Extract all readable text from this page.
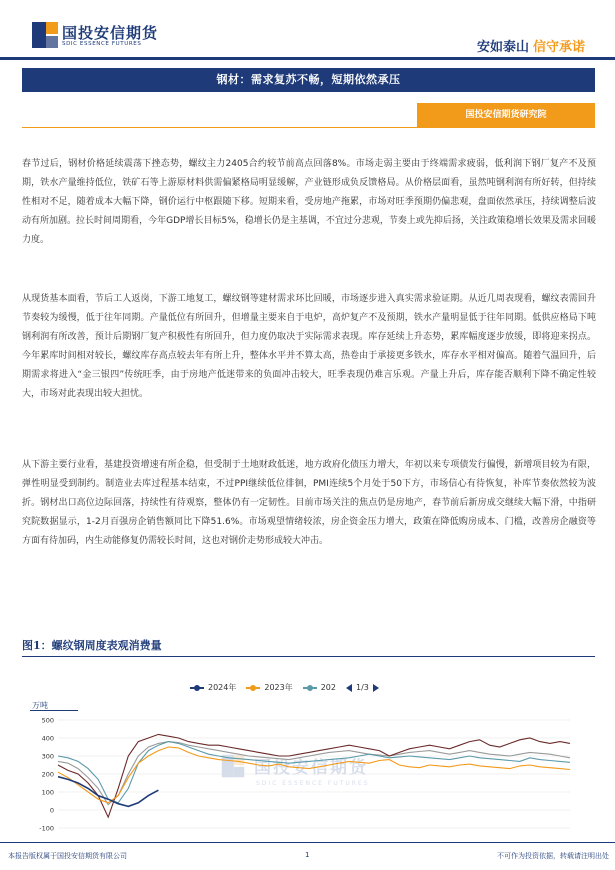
国投安信期货
SDIC ESSENCE FUTURES	安如泰山 信守承诺
钢材：需求复苏不畅，短期依然承压
国投安信期货研究院
春节过后，钢材价格延续震荡下挫态势，螺纹主力2405合约较节前高点回落8%。市场走弱主要由于终端需求疲弱，低利润下钢厂复产不及预期，铁水产量维持低位，铁矿石等上游原材料供需偏紧格局明显缓解，产业链形成负反馈格局。从价格层面看，虽然吨钢利润有所好转，但持续性相对不足，随着成本大幅下降，钢价运行中枢跟随下移。短期来看，受房地产拖累，市场对旺季预期仍偏悲观，盘面依然承压，持续调整后波动有所加剧。拉长时间周期看，今年GDP增长目标5%，稳增长仍是主基调，不宜过分悲观，节奏上或先抑后扬，关注政策稳增长效果及需求回暖力度。
从现货基本面看，节后工人返岗，下游工地复工，螺纹钢等建材需求环比回暖，市场逐步进入真实需求验证期。从近几周表现看，螺纹表需回升节奏较为缓慢，低于往年同期。产量低位有所回升，但增量主要来自于电炉，高炉复产不及预期，铁水产量明显低于往年同期。低供应格局下吨钢利润有所改善，预计后期钢厂复产积极性有所回升，但力度仍取决于实际需求表现。库存延续上升态势，累库幅度逐步放缓，即将迎来拐点。今年累库时间相对较长，螺纹库存高点较去年有所上升，整体水平并不算太高，热卷由于承接更多铁水，库存水平相对偏高。随着气温回升，后期需求将进入“金三银四”传统旺季，由于房地产低迷带来的负面冲击较大，旺季表现仍难言乐观。产量上升后，库存能否顺利下降不确定性较大，市场对此表现出较大担忧。
从下游主要行业看，基建投资增速有所企稳，但受制于土地财政低迷，地方政府化债压力增大，年初以来专项债发行偏慢，新增项目较为有限，弹性明显受到制约。制造业去库过程基本结束，不过PPI继续低位徘徊，PMI连续5个月处于50下方，市场信心有待恢复，补库节奏依然较为波折。钢材出口高位边际回落，持续性有待观察，整体仍有一定韧性。目前市场关注的焦点仍是房地产，春节前后新房成交继续大幅下滑，中指研究院数据显示，1-2月百强房企销售额同比下降51.6%。市场观望情绪较浓，房企资金压力增大，政策在降低购房成本、门槛，改善房企融资等方面有待加码，内生动能修复仍需较长时间，这也对钢价走势形成较大冲击。
图1：螺纹钢周度表观消费量
2024年	2023年	202	1/3
万吨
国投安信期货
SDIC ESSENCE FUTURES
-100
0
100
200
300
400
500
本报告版权属于国投安信期货有限公司	1	不可作为投资依据，转载请注明出处
